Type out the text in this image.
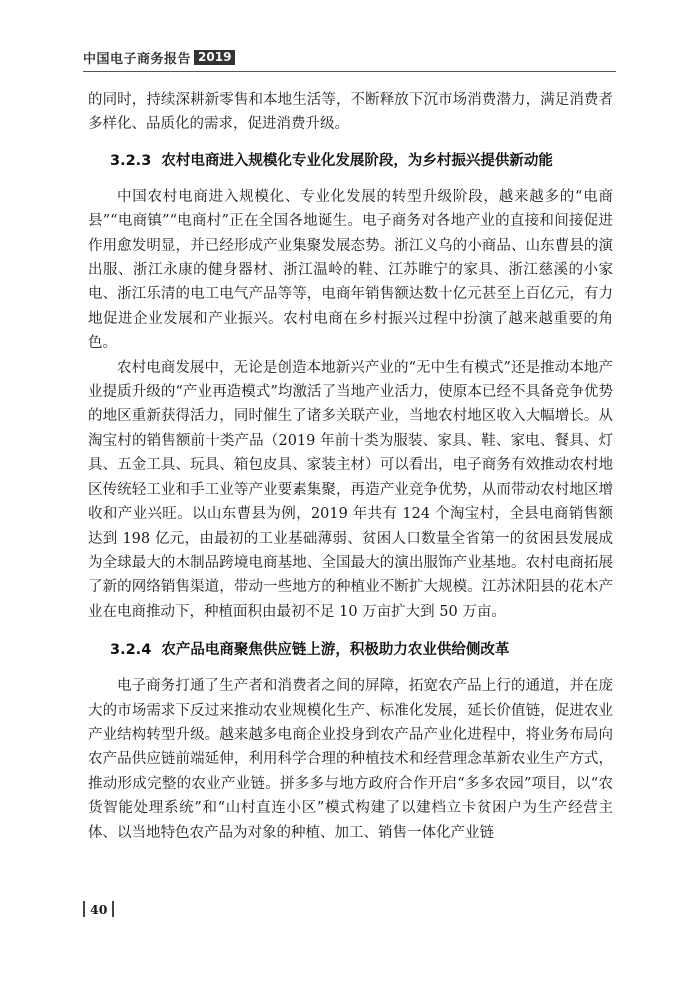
中国电子商务报告 2019

的同时，持续深耕新零售和本地生活等，不断释放下沉市场消费潜力，满足消费者多样化、品质化的需求，促进消费升级。

3.2.3 农村电商进入规模化专业化发展阶段，为乡村振兴提供新动能

中国农村电商进入规模化、专业化发展的转型升级阶段，越来越多的“电商县”“电商镇”“电商村”正在全国各地诞生。电子商务对各地产业的直接和间接促进作用愈发明显，并已经形成产业集聚发展态势。浙江义乌的小商品、山东曹县的演出服、浙江永康的健身器材、浙江温岭的鞋、江苏睢宁的家具、浙江慈溪的小家电、浙江乐清的电工电气产品等等，电商年销售额达数十亿元甚至上百亿元，有力地促进企业发展和产业振兴。农村电商在乡村振兴过程中扮演了越来越重要的角色。

农村电商发展中，无论是创造本地新兴产业的“无中生有模式”还是推动本地产业提质升级的“产业再造模式”均激活了当地产业活力，使原本已经不具备竞争优势的地区重新获得活力，同时催生了诸多关联产业，当地农村地区收入大幅增长。从淘宝村的销售额前十类产品（2019 年前十类为服装、家具、鞋、家电、餐具、灯具、五金工具、玩具、箱包皮具、家装主材）可以看出，电子商务有效推动农村地区传统轻工业和手工业等产业要素集聚，再造产业竞争优势，从而带动农村地区增收和产业兴旺。以山东曹县为例，2019 年共有 124 个淘宝村，全县电商销售额达到 198 亿元，由最初的工业基础薄弱、贫困人口数量全省第一的贫困县发展成为全球最大的木制品跨境电商基地、全国最大的演出服饰产业基地。农村电商拓展了新的网络销售渠道，带动一些地方的种植业不断扩大规模。江苏沭阳县的花木产业在电商推动下，种植面积由最初不足 10 万亩扩大到 50 万亩。

3.2.4 农产品电商聚焦供应链上游，积极助力农业供给侧改革

电子商务打通了生产者和消费者之间的屏障，拓宽农产品上行的通道，并在庞大的市场需求下反过来推动农业规模化生产、标准化发展，延长价值链，促进农业产业结构转型升级。越来越多电商企业投身到农产品产业化进程中，将业务布局向农产品供应链前端延伸，利用科学合理的种植技术和经营理念革新农业生产方式，推动形成完整的农业产业链。拼多多与地方政府合作开启“多多农园”项目，以“农货智能处理系统”和“山村直连小区”模式构建了以建档立卡贫困户为生产经营主体、以当地特色农产品为对象的种植、加工、销售一体化产业链

40
